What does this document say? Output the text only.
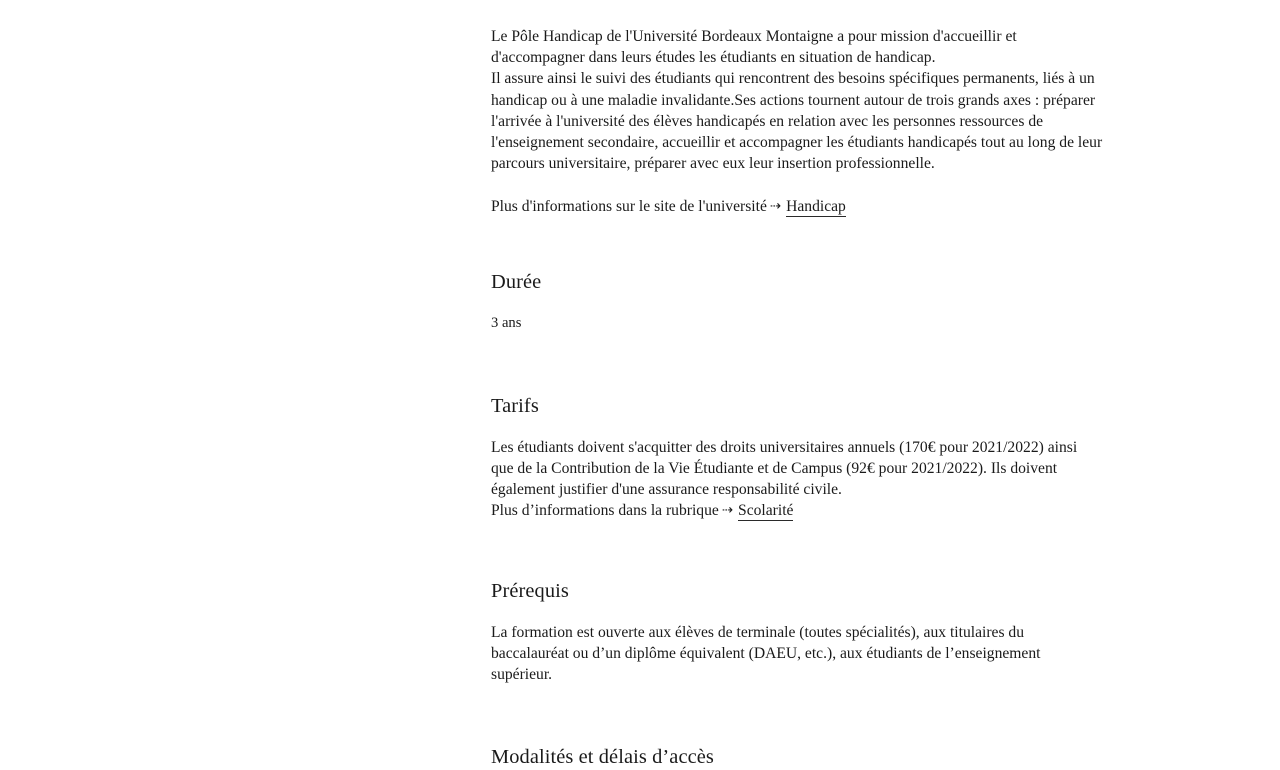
Le Pôle Handicap de l'Université Bordeaux Montaigne a pour mission d'accueillir et d'accompagner dans leurs études les étudiants en situation de handicap.

Il assure ainsi le suivi des étudiants qui rencontrent des besoins spécifiques permanents, liés à un handicap ou à une maladie invalidante.Ses actions tournent autour de trois grands axes : préparer l'arrivée à l'université des élèves handicapés en relation avec les personnes ressources de l'enseignement secondaire, accueillir et accompagner les étudiants handicapés tout au long de leur parcours universitaire, préparer avec eux leur insertion professionnelle.

Plus d'informations sur le site de l'université ⇢ Handicap

Durée

3 ans

Tarifs

Les étudiants doivent s'acquitter des droits universitaires annuels (170€ pour 2021/2022) ainsi que de la Contribution de la Vie Étudiante et de Campus (92€ pour 2021/2022). Ils doivent également justifier d'une assurance responsabilité civile.

Plus d’informations dans la rubrique ⇢ Scolarité

Prérequis

La formation est ouverte aux élèves de terminale (toutes spécialités), aux titulaires du baccalauréat ou d’un diplôme équivalent (DAEU, etc.), aux étudiants de l’enseignement supérieur.

Modalités et délais d’accès
